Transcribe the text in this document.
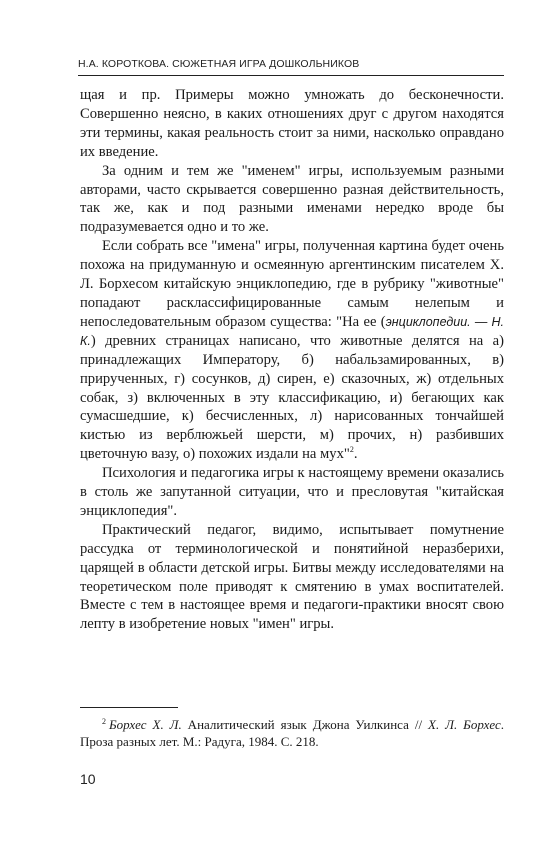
Н.А. КОРОТКОВА. СЮЖЕТНАЯ ИГРА ДОШКОЛЬНИКОВ

щая и пр. Примеры можно умножать до бесконечности. Совершенно неясно, в каких отношениях друг с другом находятся эти термины, какая реальность стоит за ними, насколько оправдано их введение.

За одним и тем же "именем" игры, используемым разными авторами, часто скрывается совершенно разная действительность, так же, как и под разными именами нередко вроде бы подразумевается одно и то же.

Если собрать все "имена" игры, полученная картина будет очень похожа на придуманную и осмеянную аргентинским писателем Х. Л. Борхесом китайскую энциклопедию, где в рубрику "животные" попадают расклассифицированные самым нелепым и непоследовательным образом существа: "На ее (энциклопедии. — Н. К.) древних страницах написано, что животные делятся на а) принадлежащих Императору, б) набальзамированных, в) прирученных, г) сосунков, д) сирен, е) сказочных, ж) отдельных собак, з) включенных в эту классификацию, и) бегающих как сумасшедшие, к) бесчисленных, л) нарисованных тончайшей кистью из верблюжьей шерсти, м) прочих, н) разбивших цветочную вазу, о) похожих издали на мух"$^2$.

Психология и педагогика игры к настоящему времени оказались в столь же запутанной ситуации, что и пресловутая "китайская энциклопедия".

Практический педагог, видимо, испытывает помутнение рассудка от терминологической и понятийной неразберихи, царящей в области детской игры. Битвы между исследователями на теоретическом поле приводят к смятению в умах воспитателей. Вместе с тем в настоящее время и педагоги-практики вносят свою лепту в изобретение новых "имен" игры.

$^2$ Борхес Х. Л. Аналитический язык Джона Уилкинса // Х. Л. Борхес. Проза разных лет. М.: Радуга, 1984. С. 218.

10
